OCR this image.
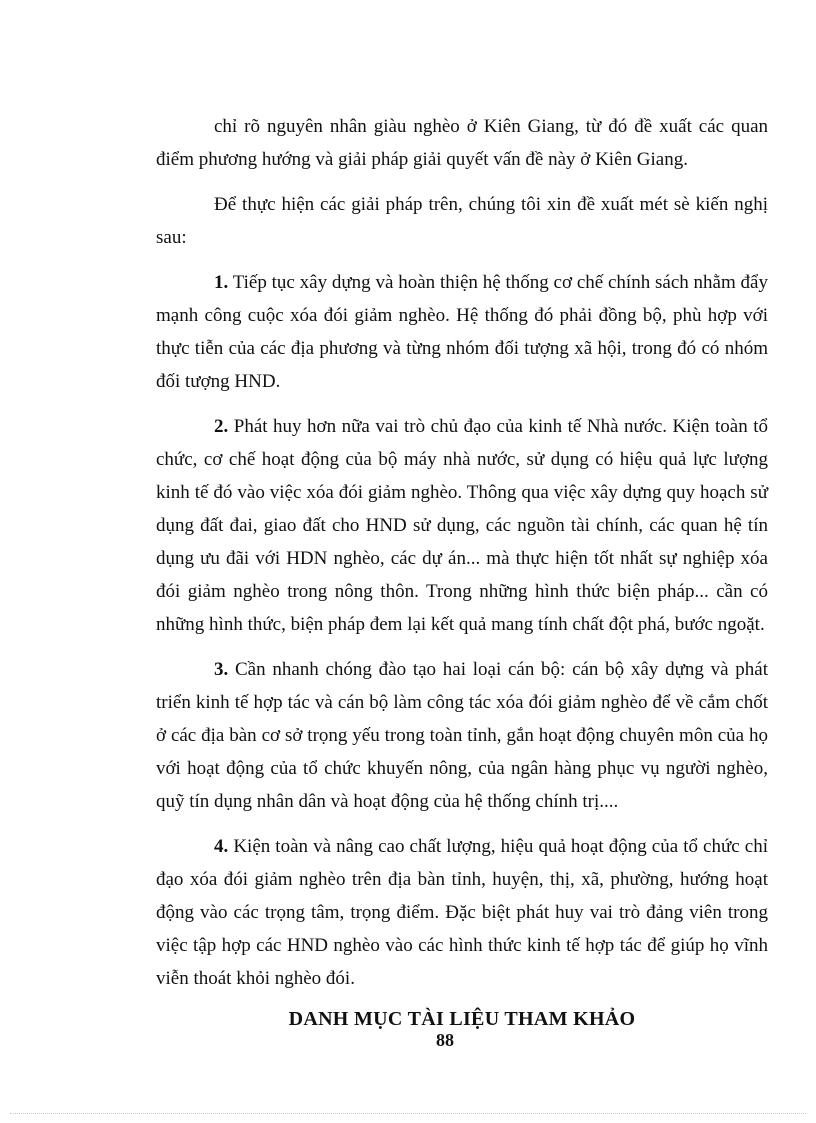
chỉ rõ nguyên nhân giàu nghèo ở Kiên Giang, từ đó đề xuất các quan điểm phương hướng và giải pháp giải quyết vấn đề này ở Kiên Giang.

Để thực hiện các giải pháp trên, chúng tôi xin đề xuất mét sè kiến nghị sau:

1. Tiếp tục xây dựng và hoàn thiện hệ thống cơ chế chính sách nhằm đẩy mạnh công cuộc xóa đói giảm nghèo. Hệ thống đó phải đồng bộ, phù hợp với thực tiễn của các địa phương và từng nhóm đối tượng xã hội, trong đó có nhóm đối tượng HND.

2. Phát huy hơn nữa vai trò chủ đạo của kinh tế Nhà nước. Kiện toàn tổ chức, cơ chế hoạt động của bộ máy nhà nước, sử dụng có hiệu quả lực lượng kinh tế đó vào việc xóa đói giảm nghèo. Thông qua việc xây dựng quy hoạch sử dụng đất đai, giao đất cho HND sử dụng, các nguồn tài chính, các quan hệ tín dụng ưu đãi với HDN nghèo, các dự án... mà thực hiện tốt nhất sự nghiệp xóa đói giảm nghèo trong nông thôn. Trong những hình thức biện pháp... cần có những hình thức, biện pháp đem lại kết quả mang tính chất đột phá, bước ngoặt.

3. Cần nhanh chóng đào tạo hai loại cán bộ: cán bộ xây dựng và phát triển kinh tế hợp tác và cán bộ làm công tác xóa đói giảm nghèo để về cắm chốt ở các địa bàn cơ sở trọng yếu trong toàn tỉnh, gắn hoạt động chuyên môn của họ với hoạt động của tổ chức khuyến nông, của ngân hàng phục vụ người nghèo, quỹ tín dụng nhân dân và hoạt động của hệ thống chính trị....

4. Kiện toàn và nâng cao chất lượng, hiệu quả hoạt động của tổ chức chỉ đạo xóa đói giảm nghèo trên địa bàn tỉnh, huyện, thị, xã, phường, hướng hoạt động vào các trọng tâm, trọng điểm. Đặc biệt phát huy vai trò đảng viên trong việc tập hợp các HND nghèo vào các hình thức kinh tế hợp tác để giúp họ vĩnh viễn thoát khỏi nghèo đói.

DANH MỤC TÀI LIỆU THAM KHẢO

88
